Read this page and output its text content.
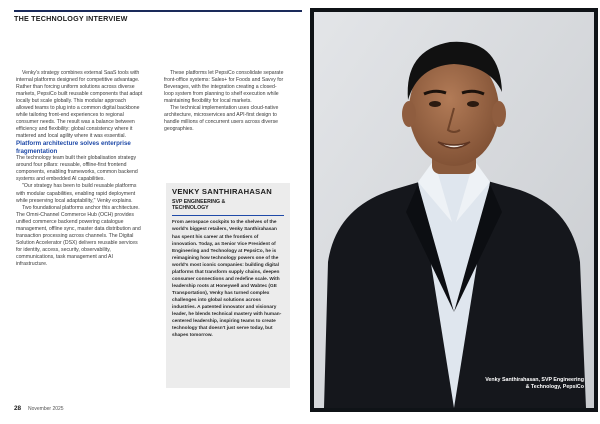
THE TECHNOLOGY INTERVIEW

Venky's strategy combines external SaaS tools with internal platforms designed for competitive advantage. Rather than forcing uniform solutions across diverse markets, PepsiCo built reusable components that adapt locally but scale globally. This modular approach allowed teams to plug into a common digital backbone while tailoring front-end experiences to regional consumer needs. The result was a balance between efficiency and flexibility: global consistency where it mattered and local agility where it was essential.

Platform architecture solves enterprise fragmentation

The technology team built their globalisation strategy around four pillars: reusable, offline-first frontend components, enabling frameworks, common backend systems and embedded AI capabilities.

"Our strategy has been to build reusable platforms with modular capabilities, enabling rapid deployment while preserving local adaptability," Venky explains.

Two foundational platforms anchor this architecture. The Omni-Channel Commerce Hub (OCH) provides unified commerce backend powering catalogue management, offline sync, master data distribution and transaction processing across channels. The Digital Solution Accelerator (DSX) delivers reusable services for identity, access, security, observability, communications, task management and AI infrastructure.

These platforms let PepsiCo consolidate separate front-office systems: Sales+ for Foods and Savvy for Beverages, with the integration creating a closed-loop system from planning to shelf execution while maintaining flexibility for local markets.

The technical implementation uses cloud-native architecture, microservices and API-first design to handle millions of concurrent users across diverse geographies.

VENKY SANTHIRAHASAN
SVP ENGINEERING & TECHNOLOGY
From aerospace cockpits to the shelves of the world's biggest retailers, Venky Santhirahasan has spent his career at the frontiers of innovation. Today, as Senior Vice President of Engineering and Technology at PepsiCo, he is reimagining how technology powers one of the world's most iconic companies: building digital platforms that transform supply chains, deepen consumer connections and redefine scale. With leadership roots at Honeywell and Wabtec (GE Transportation), Venky has turned complex challenges into global solutions across industries. A patented innovator and visionary leader, he blends technical mastery with human-centered leadership, inspiring teams to create technology that doesn't just serve today, but shapes tomorrow.
28 November 2025
Venky Santhirahasan, SVP Engineering & Technology, PepsiCo
